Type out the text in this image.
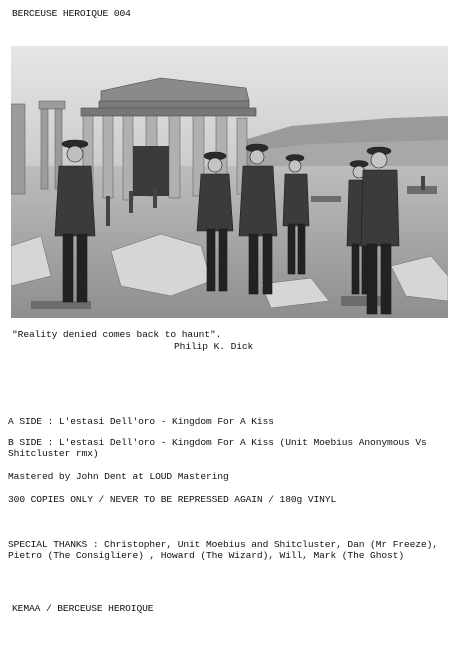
BERCEUSE HEROIQUE 004
"Reality denied comes back to haunt".
Philip K. Dick
A SIDE : L'estasi Dell'oro - Kingdom For A Kiss
B SIDE : L'estasi Dell'oro - Kingdom For A Kiss (Unit Moebius Anonymous Vs
Shitcluster rmx)
Mastered by John Dent at LOUD Mastering
300 COPIES ONLY / NEVER TO BE REPRESSED AGAIN / 180g VINYL
SPECIAL THANKS : Christopher, Unit Moebius and Shitcluster, Dan (Mr Freeze),
Pietro (The Consigliere) , Howard (The Wizard), Will, Mark (The Ghost)
KEMAA / BERCEUSE HEROIQUE
